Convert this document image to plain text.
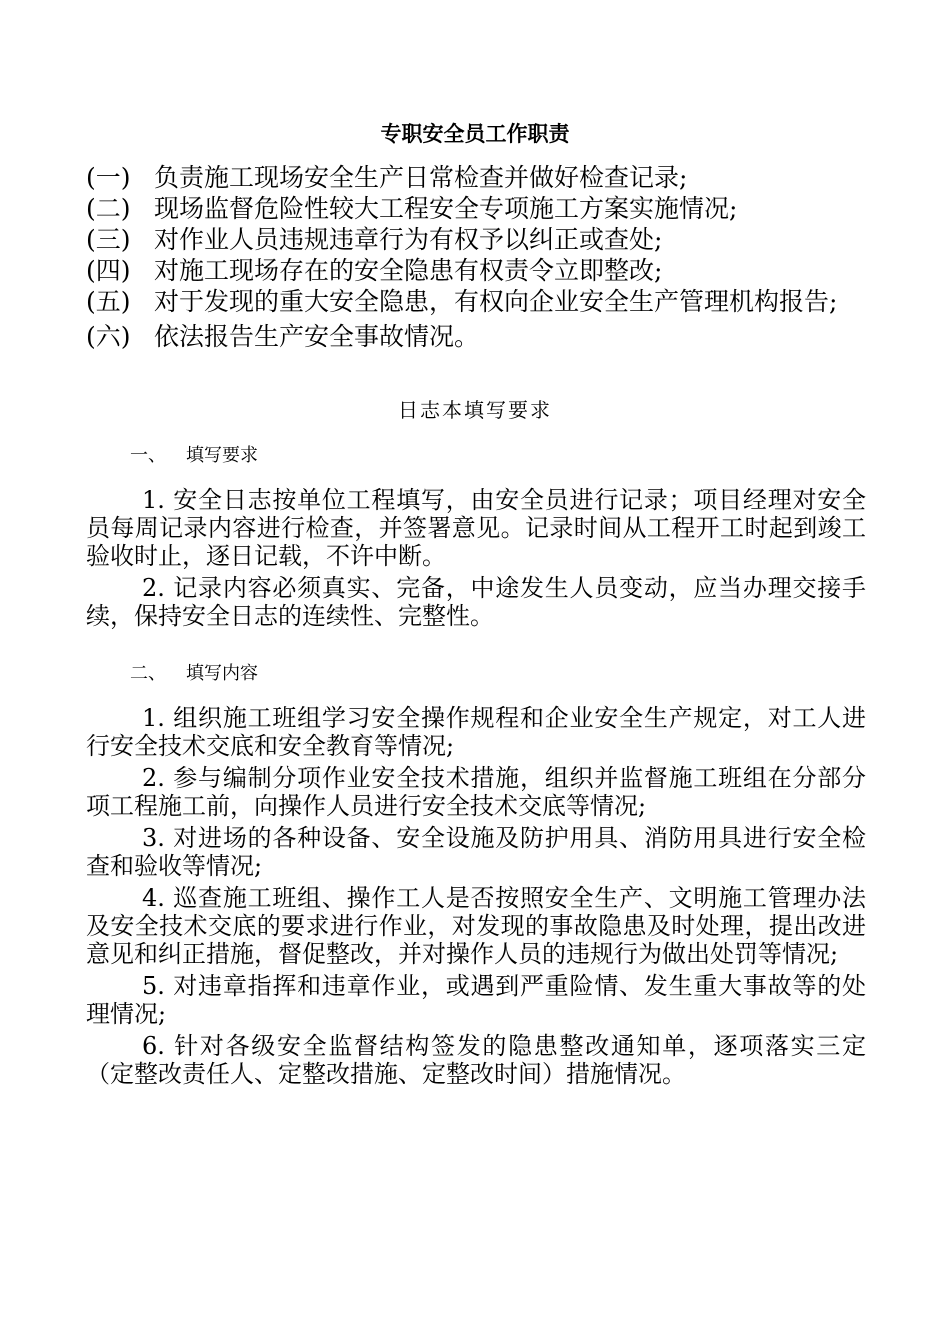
专职安全员工作职责
(一) 负责施工现场安全生产日常检查并做好检查记录;
(二) 现场监督危险性较大工程安全专项施工方案实施情况;
(三) 对作业人员违规违章行为有权予以纠正或查处;
(四) 对施工现场存在的安全隐患有权责令立即整改;
(五) 对于发现的重大安全隐患，有权向企业安全生产管理机构报告;
(六) 依法报告生产安全事故情况。
日志本填写要求
一、 填写要求

1. 安全日志按单位工程填写，由安全员进行记录；项目经理对安全员每周记录内容进行检查，并签署意见。记录时间从工程开工时起到竣工验收时止，逐日记载，不许中断。

2. 记录内容必须真实、完备，中途发生人员变动，应当办理交接手续，保持安全日志的连续性、完整性。

二、 填写内容

1. 组织施工班组学习安全操作规程和企业安全生产规定，对工人进行安全技术交底和安全教育等情况;

2. 参与编制分项作业安全技术措施，组织并监督施工班组在分部分项工程施工前，向操作人员进行安全技术交底等情况;

3. 对进场的各种设备、安全设施及防护用具、消防用具进行安全检查和验收等情况;

4. 巡查施工班组、操作工人是否按照安全生产、文明施工管理办法及安全技术交底的要求进行作业，对发现的事故隐患及时处理，提出改进意见和纠正措施，督促整改，并对操作人员的违规行为做出处罚等情况;

5. 对违章指挥和违章作业，或遇到严重险情、发生重大事故等的处理情况;

6. 针对各级安全监督结构签发的隐患整改通知单，逐项落实三定（定整改责任人、定整改措施、定整改时间）措施情况。
